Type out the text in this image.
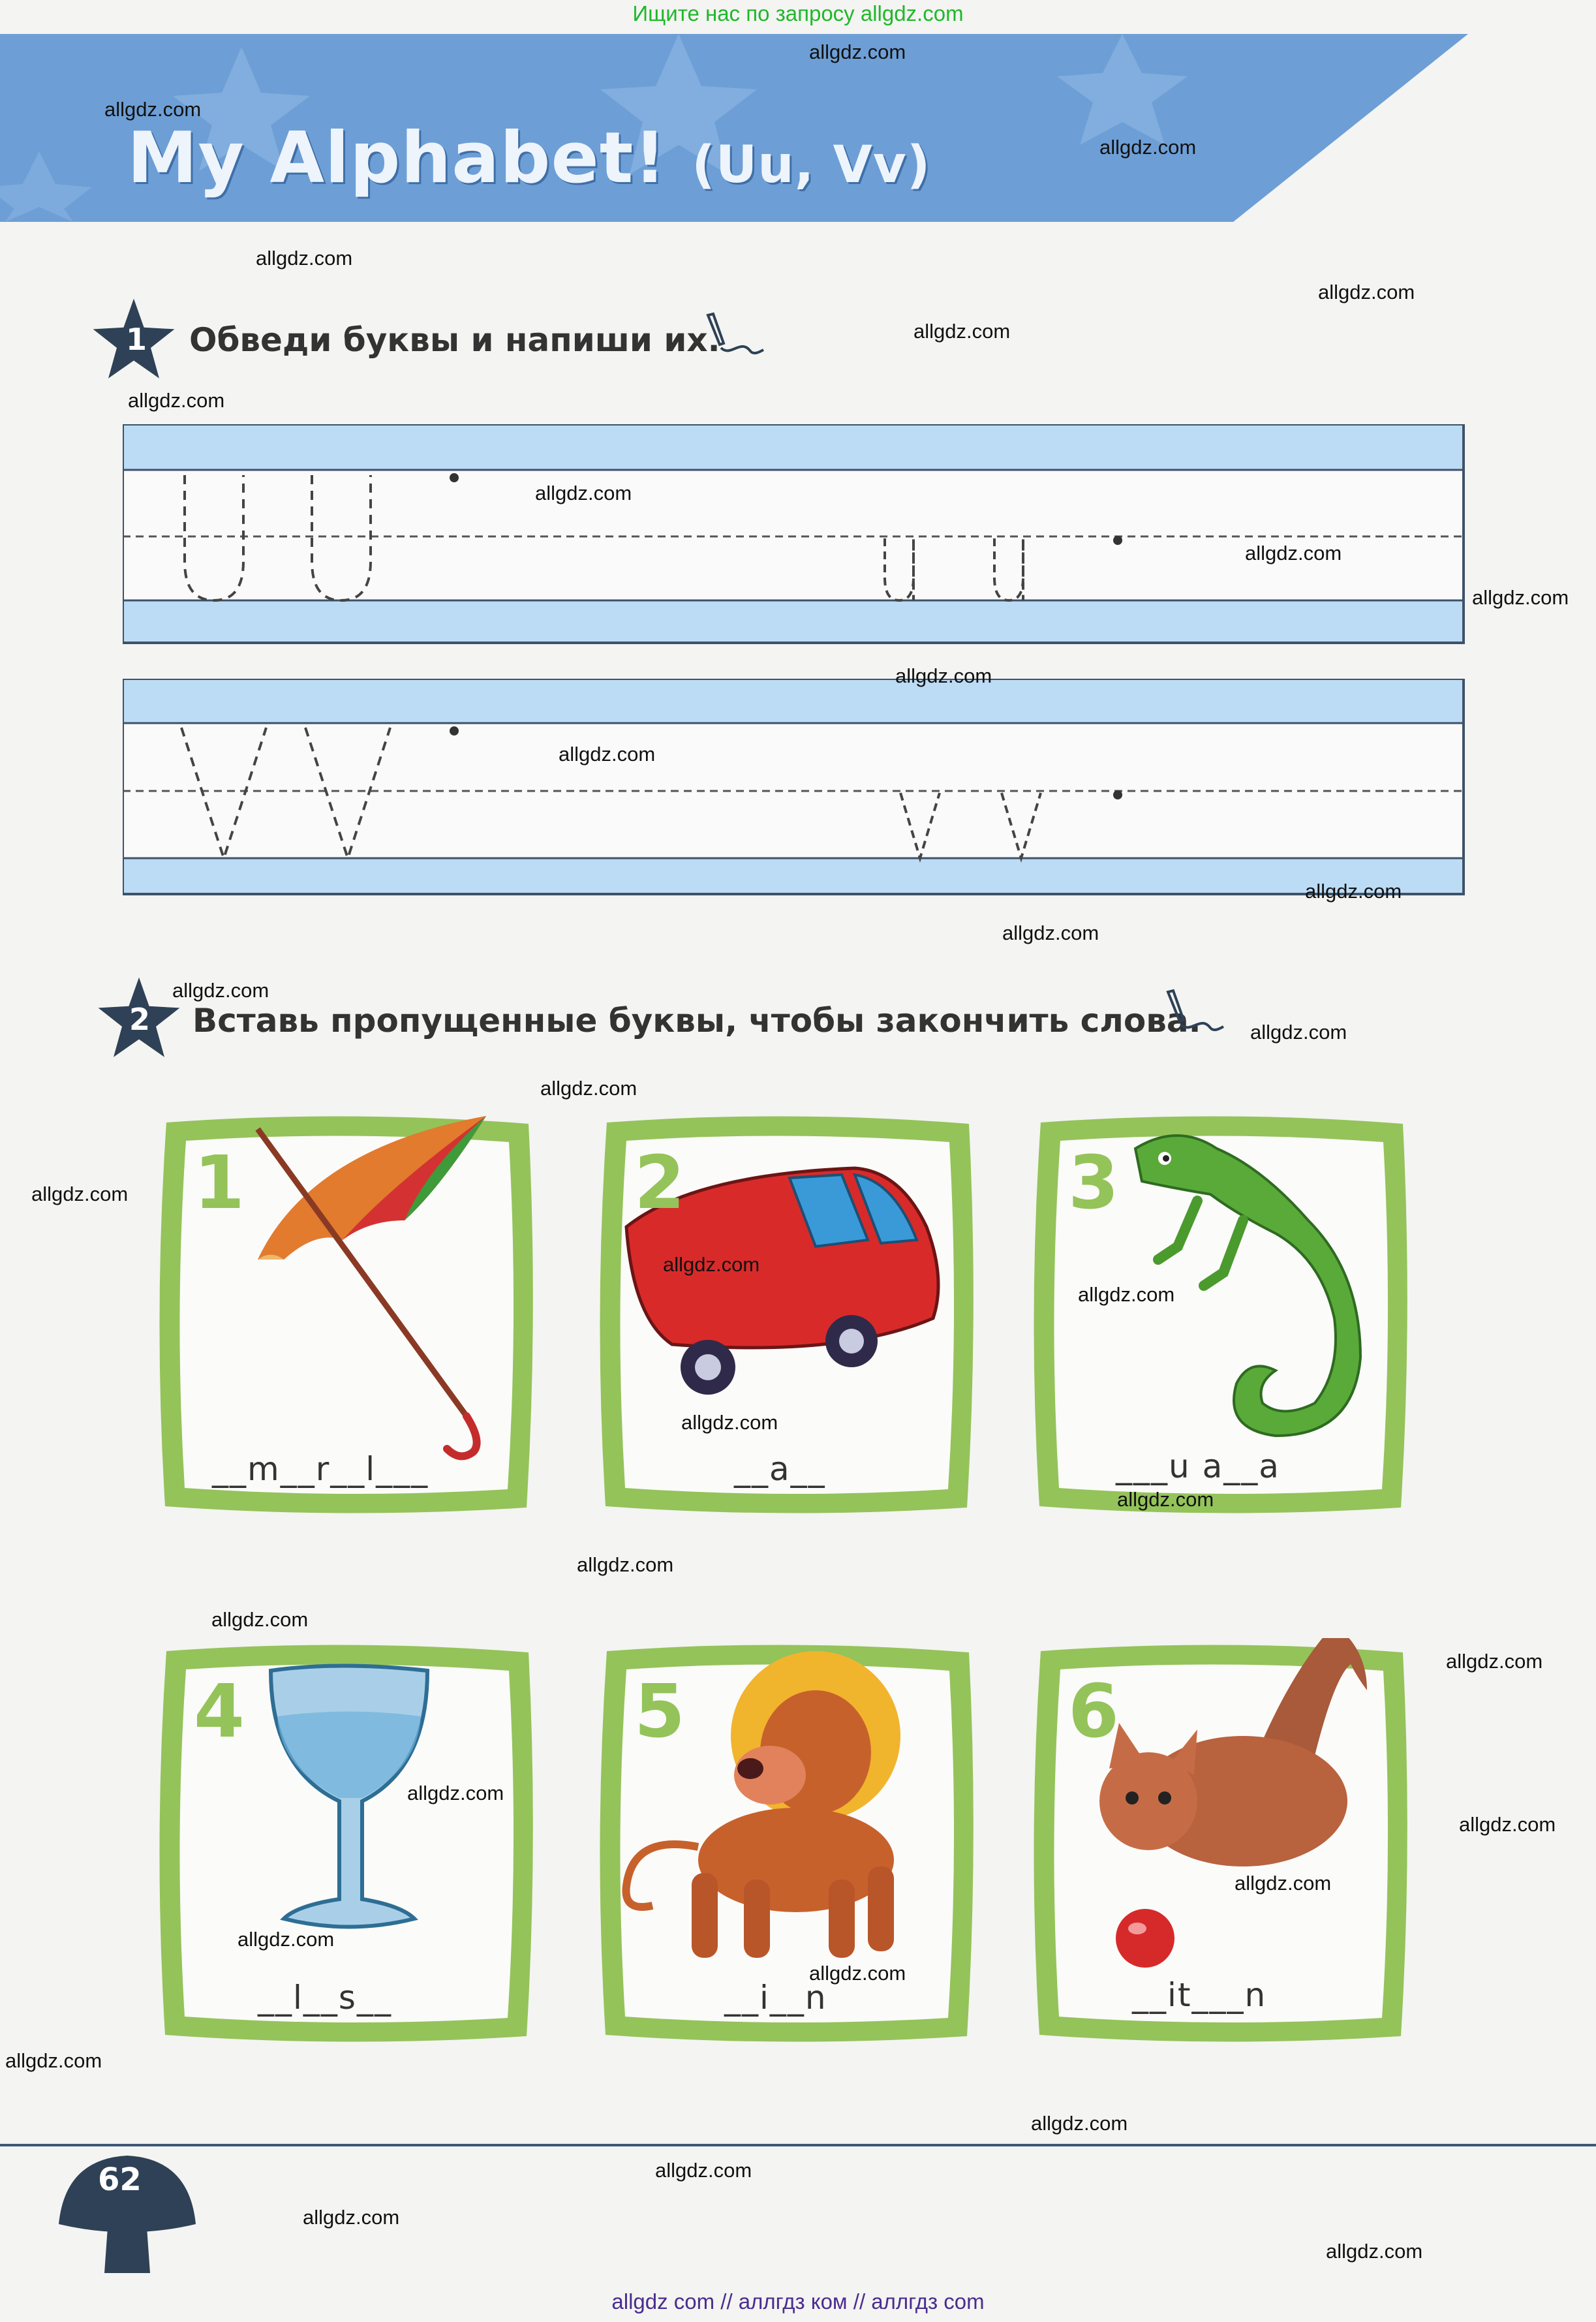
Ищите нас по запросу allgdz.com
allgdz com // аллгдз ком // аллгдз com
My Alphabet! (Uu, Vv)
1 Обведи буквы и напиши их.
2 Вставь пропущенные буквы, чтобы закончить слова.
1
__m__r__l___
2
__a__
3
___u a__a
4
__l__s__
5
__i__n
6
__it___n
62
allgdz.com
allgdz.com
allgdz.com
allgdz.com
allgdz.com
allgdz.com
allgdz.com
allgdz.com
allgdz.com
allgdz.com
allgdz.com
allgdz.com
allgdz.com
allgdz.com
allgdz.com
allgdz.com
allgdz.com
allgdz.com
allgdz.com
allgdz.com
allgdz.com
allgdz.com
allgdz.com
allgdz.com
allgdz.com
allgdz.com
allgdz.com
allgdz.com
allgdz.com
allgdz.com
allgdz.com
allgdz.com
allgdz.com
allgdz.com
allgdz.com
